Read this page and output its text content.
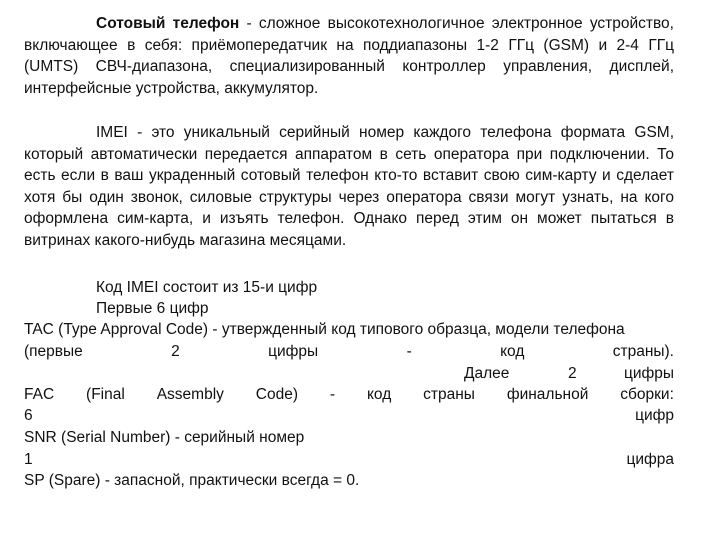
Сотовый телефон - сложное высокотехнологичное электронное устройство, включающее в себя: приёмопередатчик на поддиапазоны 1-2 ГГц (GSM) и 2-4 ГГц (UMTS) СВЧ-диапазона, специализированный контроллер управления, дисплей, интерфейсные устройства, аккумулятор.

IMEI - это уникальный серийный номер каждого телефона формата GSM, который автоматически передается аппаратом в сеть оператора при подключении. То есть если в ваш украденный сотовый телефон кто-то вставит свою сим-карту и сделает хотя бы один звонок, силовые структуры через оператора связи могут узнать, на кого оформлена сим-карта, и изъять телефон. Однако перед этим он может пытаться в витринах какого-нибудь магазина месяцами.

Код IMEI состоит из 15-и цифр
Первые 6 цифр
TAC (Type Approval Code) - утвержденный код типового образца, модели телефона
(первые	2	цифры	-	код	страны).
Далее	2	цифры
FAC (Final Assembly Code) - код страны финальной сборки:
6	цифр
SNR (Serial Number) - серийный номер
1	цифра
SP (Spare) - запасной, практически всегда = 0.
